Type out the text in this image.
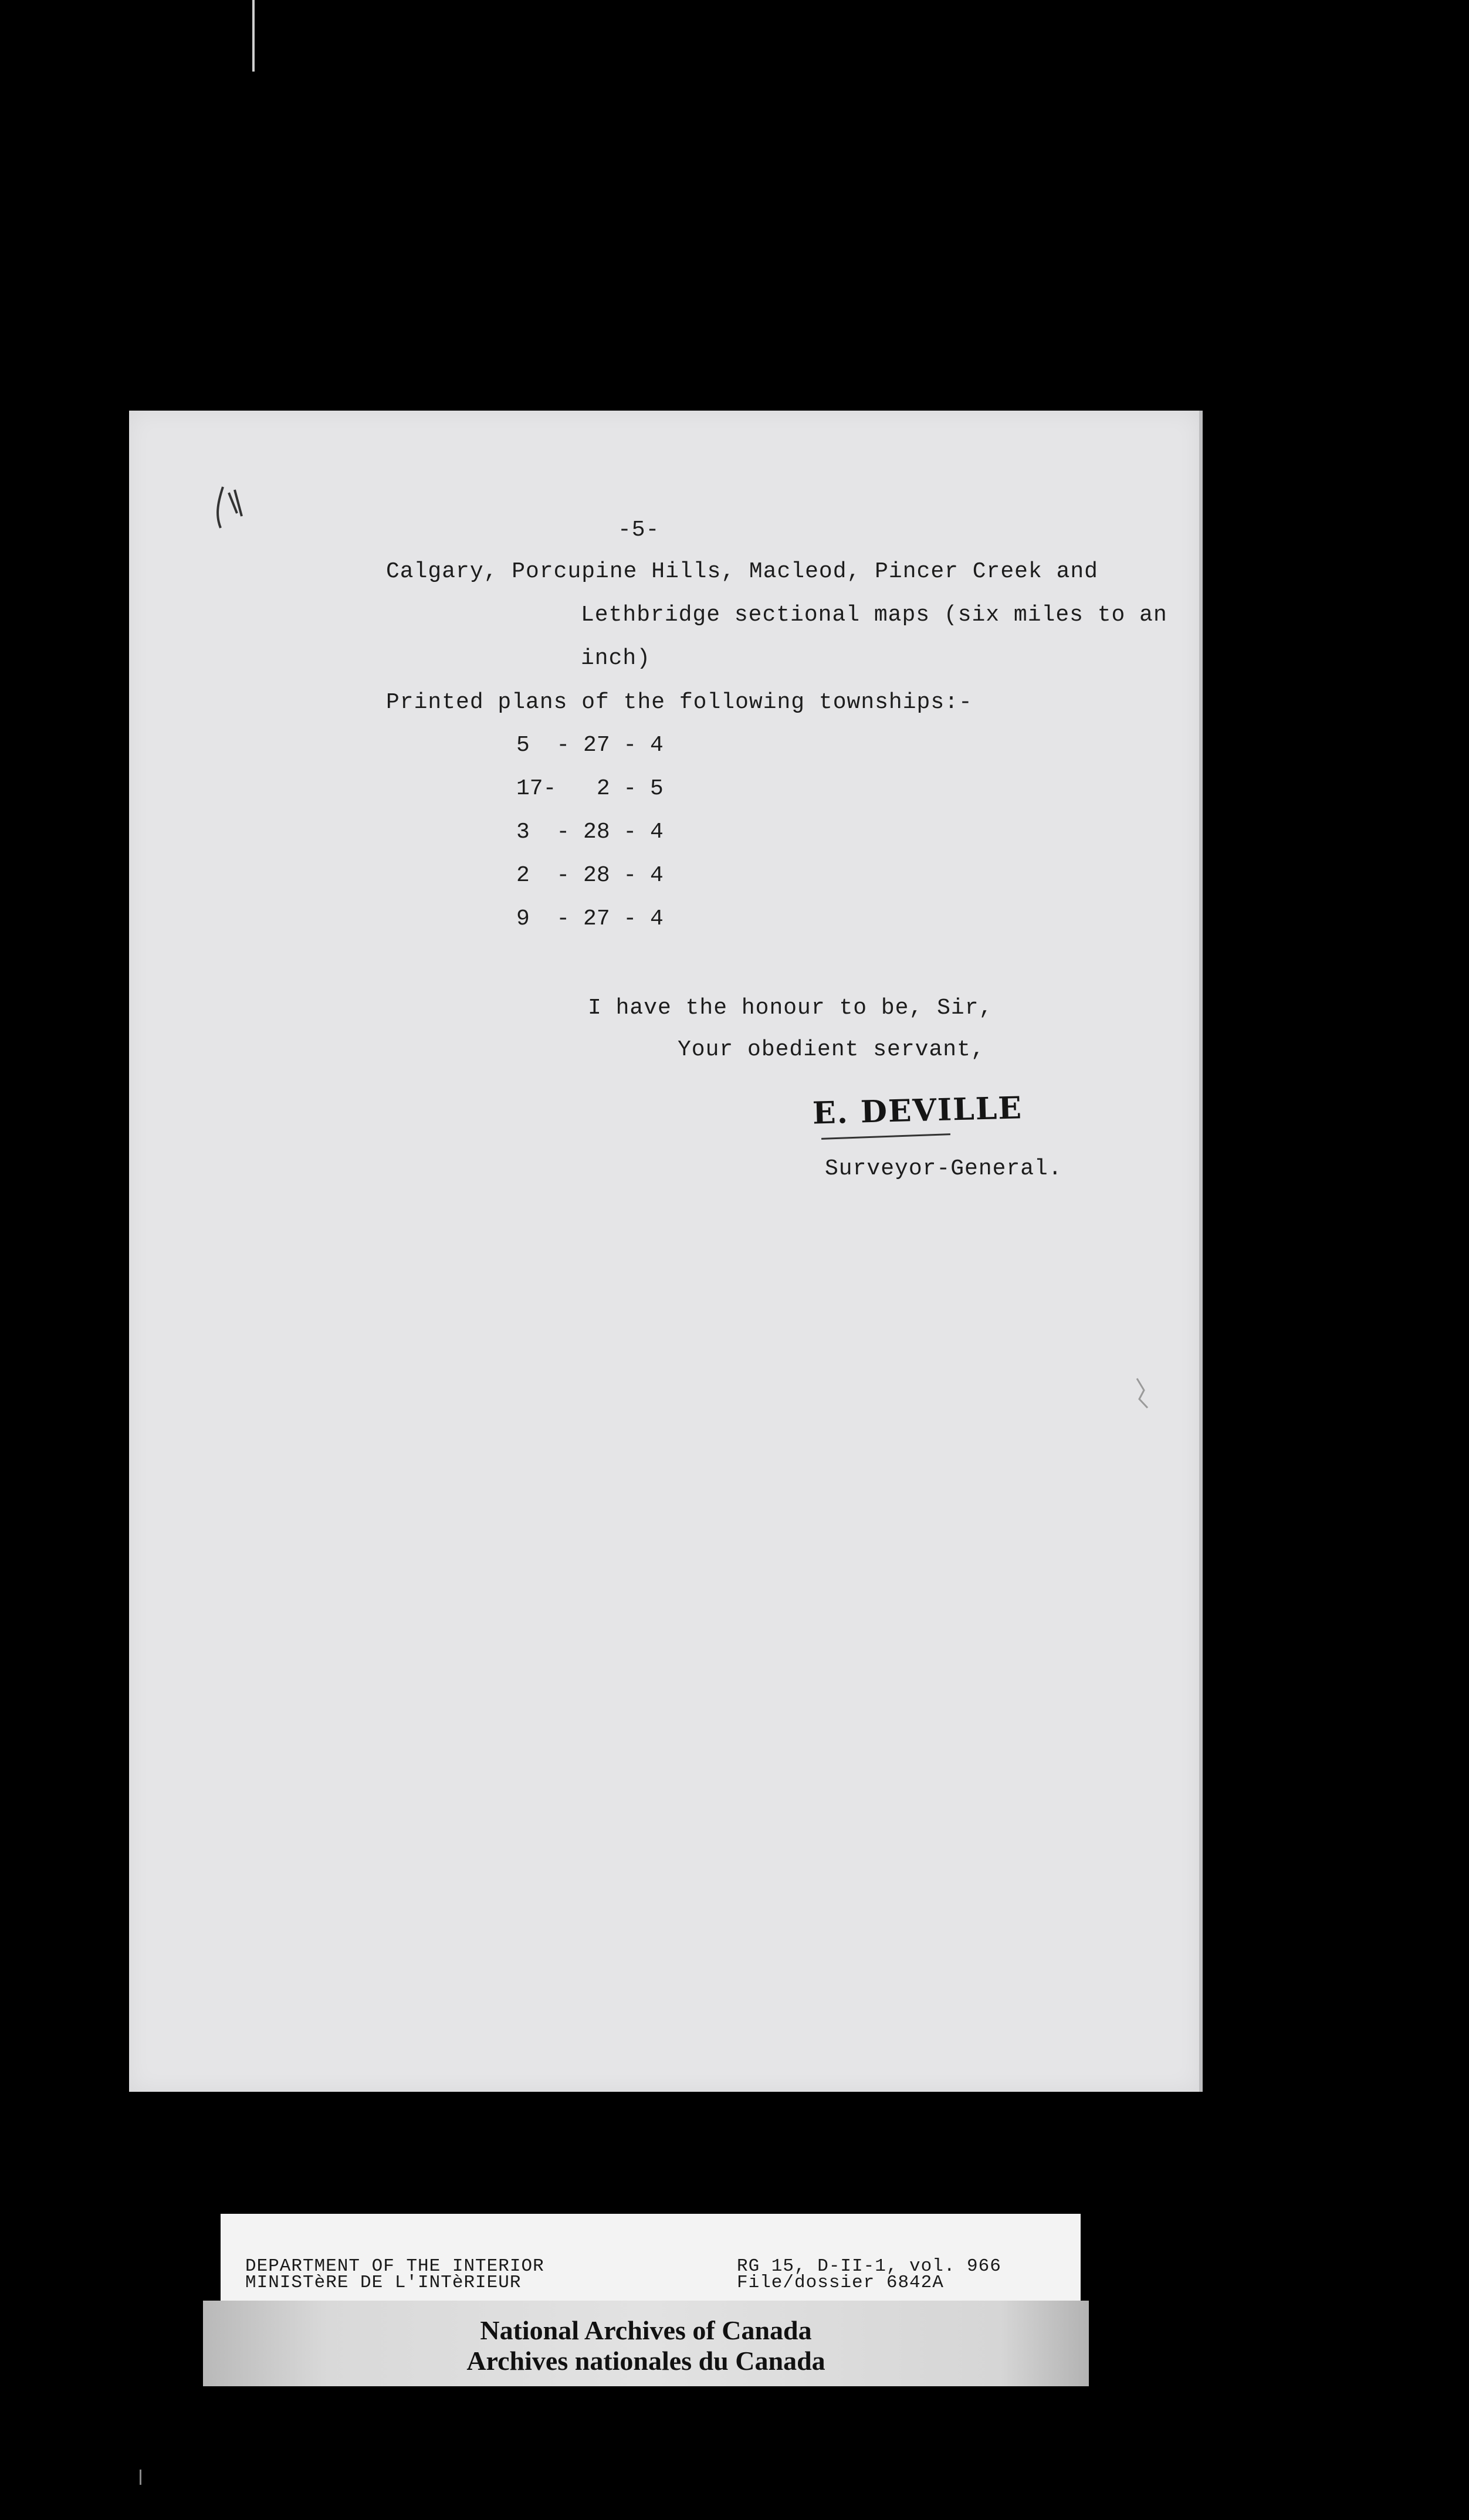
-5-
Calgary, Porcupine Hills, Macleod, Pincer Creek and
Lethbridge sectional maps (six miles to an
inch)
Printed plans of the following townships:-
5  - 27 - 4
17-   2 - 5
3  - 28 - 4
2  - 28 - 4
9  - 27 - 4
I have the honour to be, Sir,
Your obedient servant,
E. DEVILLE
Surveyor-General.
DEPARTMENT OF THE INTERIOR
MINISTèRE DE L'INTèRIEUR
RG 15, D-II-1, vol. 966
File/dossier 6842A
National Archives of Canada
Archives nationales du Canada
